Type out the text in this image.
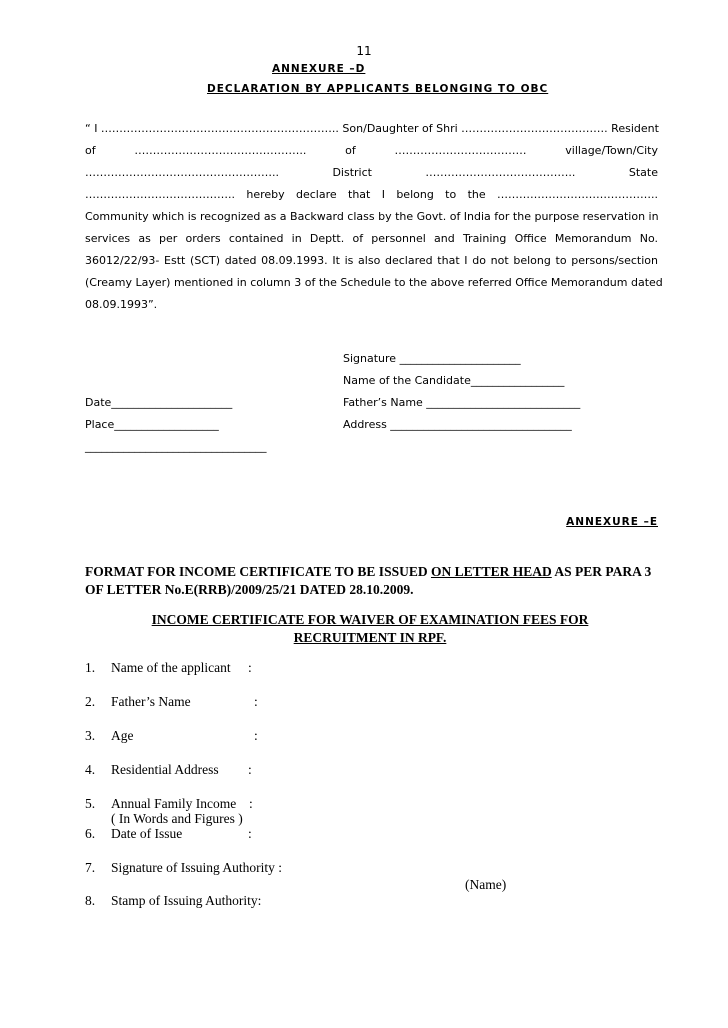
11
ANNEXURE –D
DECLARATION BY APPLICANTS BELONGING TO OBC
“ I ……………………………………………………….. Son/Daughter of Shri …………………………………. Resident
of	………………………………………..	of	………………………………	village/Town/City
……………………………………………..	District	…………………………………..	State
………………………………….. hereby declare that I belong to the ……………………………………..
Community which is recognized as a Backward class by the Govt. of India for the purpose reservation in
services as per orders contained in Deptt. of personnel and Training Office Memorandum No.
36012/22/93- Estt (SCT) dated 08.09.1993. It is also declared that I do not belong to persons/section
(Creamy Layer) mentioned in column 3 of the Schedule to the above referred Office Memorandum dated
08.09.1993”.
Signature ______________________
Name of the Candidate_________________
Date______________________	Father’s Name ____________________________
Place___________________	Address _________________________________
_________________________________
ANNEXURE –E
FORMAT FOR INCOME CERTIFICATE TO BE ISSUED ON LETTER HEAD AS PER PARA 3 OF LETTER No.E(RRB)/2009/25/21 DATED 28.10.2009.
INCOME CERTIFICATE FOR WAIVER OF EXAMINATION FEES FOR RECRUITMENT IN RPF.
1. Name of the applicant :
2. Father’s Name	:
3. Age	:
4. Residential Address :
5. Annual Family Income :
( In Words and Figures )
6. Date of Issue	:
7. Signature of Issuing Authority :
(Name)
8. Stamp of Issuing Authority:
